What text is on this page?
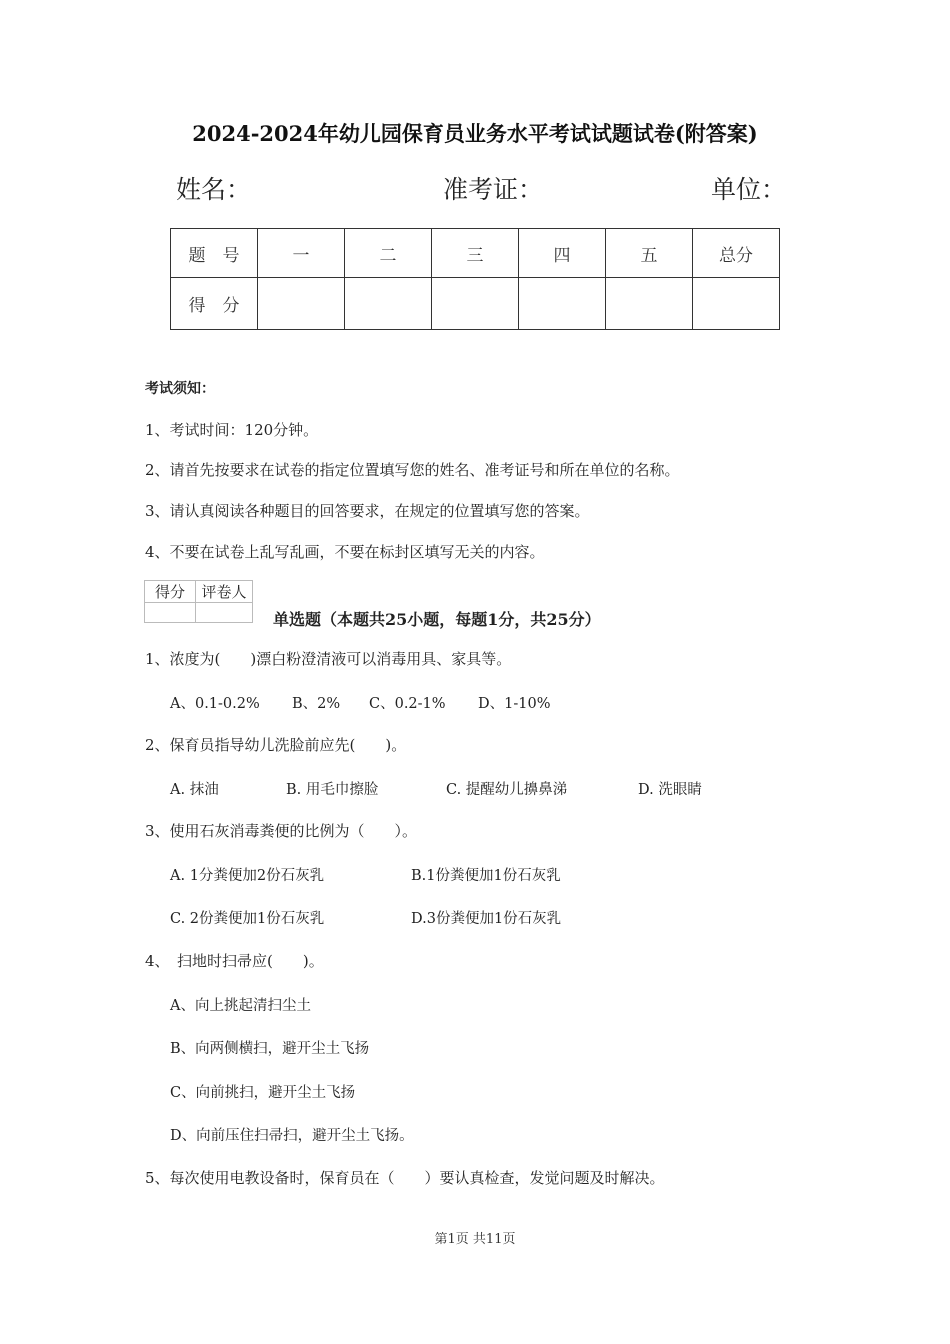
2024-2024年幼儿园保育员业务水平考试试题试卷(附答案)
姓名：	准考证：	单位：
题　号	一	二	三	四	五	总分
得　分						
考试须知：
1、考试时间：120分钟。
2、请首先按要求在试卷的指定位置填写您的姓名、准考证号和所在单位的名称。
3、请认真阅读各种题目的回答要求，在规定的位置填写您的答案。
4、不要在试卷上乱写乱画，不要在标封区填写无关的内容。
得分	评卷人

单选题（本题共25小题，每题1分，共25分）
1、浓度为(　　)漂白粉澄清液可以消毒用具、家具等。
A、0.1-0.2% B、2% C、0.2-1% D、1-10%
2、保育员指导幼儿洗脸前应先(　　)。
A. 抹油	B. 用毛巾擦脸	C. 提醒幼儿擤鼻涕	D. 洗眼睛
3、使用石灰消毒粪便的比例为（　　）。
A. 1分粪便加2份石灰乳	B.1份粪便加1份石灰乳
C. 2份粪便加1份石灰乳	D.3份粪便加1份石灰乳
4、　扫地时扫帚应(　　)。
A、向上挑起清扫尘土
B、向两侧横扫，避开尘土飞扬
C、向前挑扫，避开尘土飞扬
D、向前压住扫帚扫，避开尘土飞扬。
5、每次使用电教设备时，保育员在（　　）要认真检查，发觉问题及时解决。
第1页 共11页
